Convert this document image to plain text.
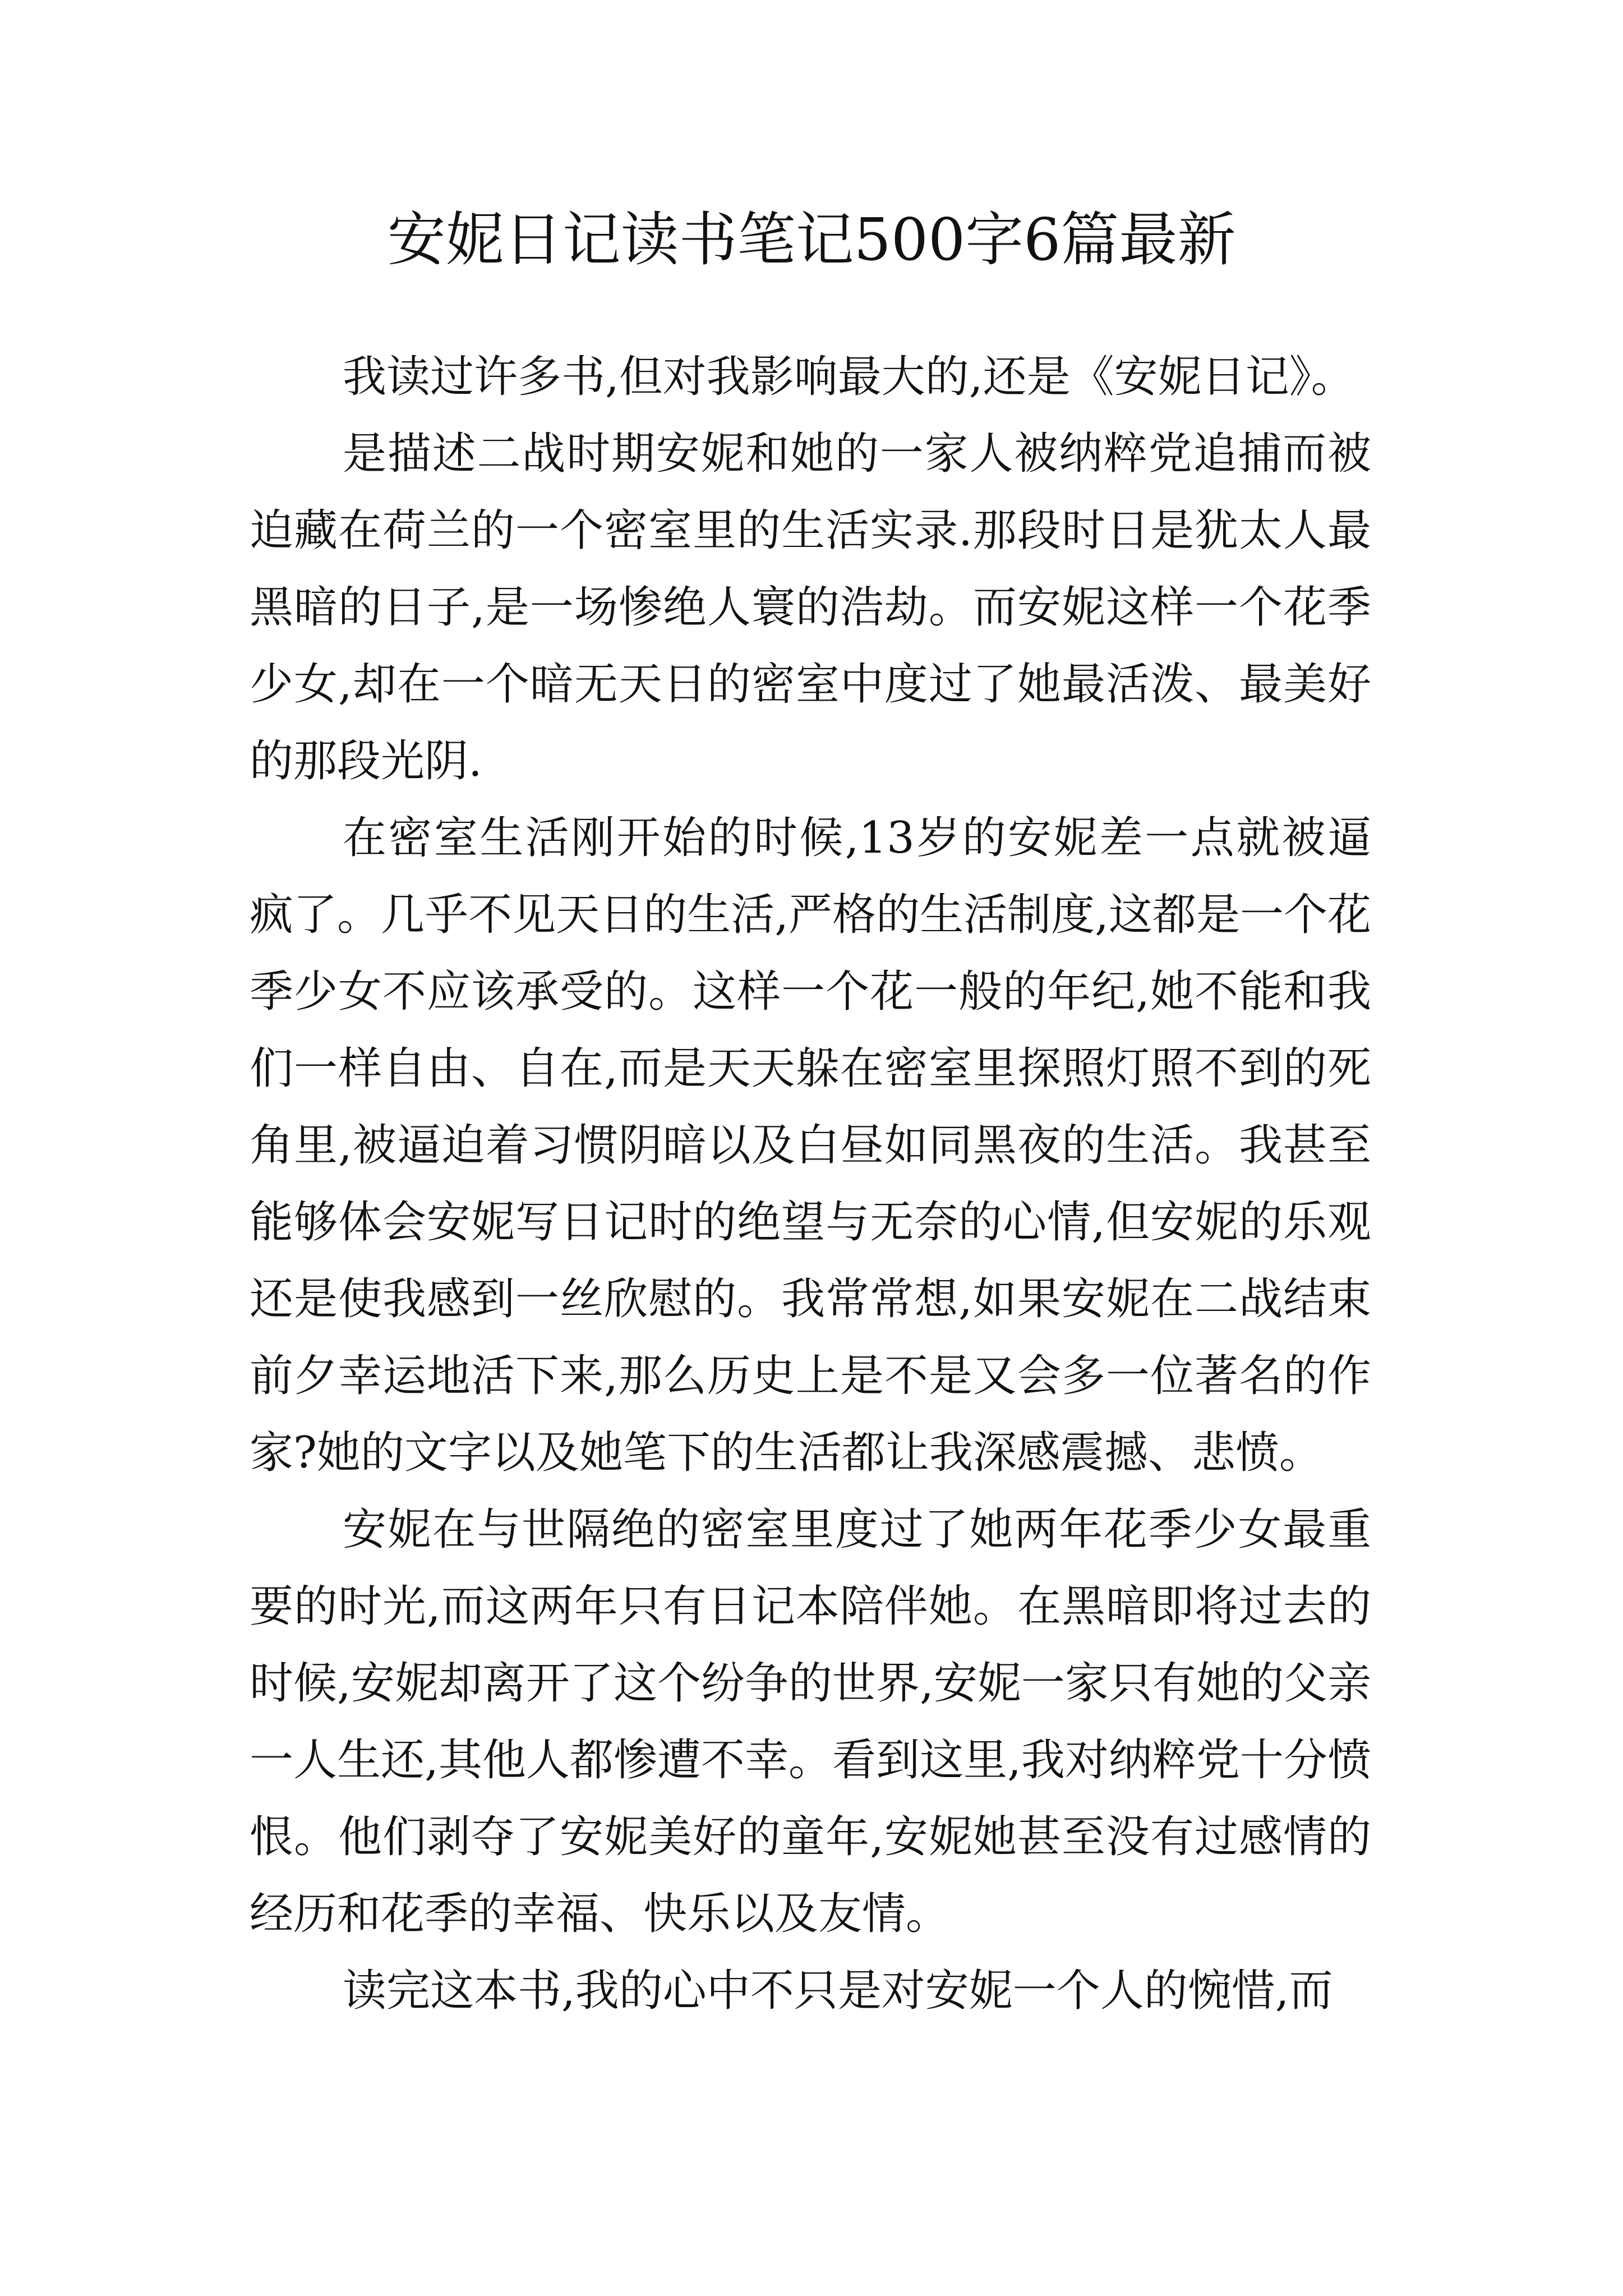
安妮日记读书笔记500字6篇最新

我读过许多书,但对我影响最大的,还是《安妮日记》。

是描述二战时期安妮和她的一家人被纳粹党追捕而被迫藏在荷兰的一个密室里的生活实录.那段时日是犹太人最黑暗的日子,是一场惨绝人寰的浩劫。而安妮这样一个花季少女,却在一个暗无天日的密室中度过了她最活泼、最美好的那段光阴.

在密室生活刚开始的时候,13岁的安妮差一点就被逼疯了。几乎不见天日的生活,严格的生活制度,这都是一个花季少女不应该承受的。这样一个花一般的年纪,她不能和我们一样自由、自在,而是天天躲在密室里探照灯照不到的死角里,被逼迫着习惯阴暗以及白昼如同黑夜的生活。我甚至能够体会安妮写日记时的绝望与无奈的心情,但安妮的乐观还是使我感到一丝欣慰的。我常常想,如果安妮在二战结束前夕幸运地活下来,那么历史上是不是又会多一位著名的作家?她的文字以及她笔下的生活都让我深感震撼、悲愤。

安妮在与世隔绝的密室里度过了她两年花季少女最重要的时光,而这两年只有日记本陪伴她。在黑暗即将过去的时候,安妮却离开了这个纷争的世界,安妮一家只有她的父亲一人生还,其他人都惨遭不幸。看到这里,我对纳粹党十分愤恨。他们剥夺了安妮美好的童年,安妮她甚至没有过感情的经历和花季的幸福、快乐以及友情。

读完这本书,我的心中不只是对安妮一个人的惋惜,而
